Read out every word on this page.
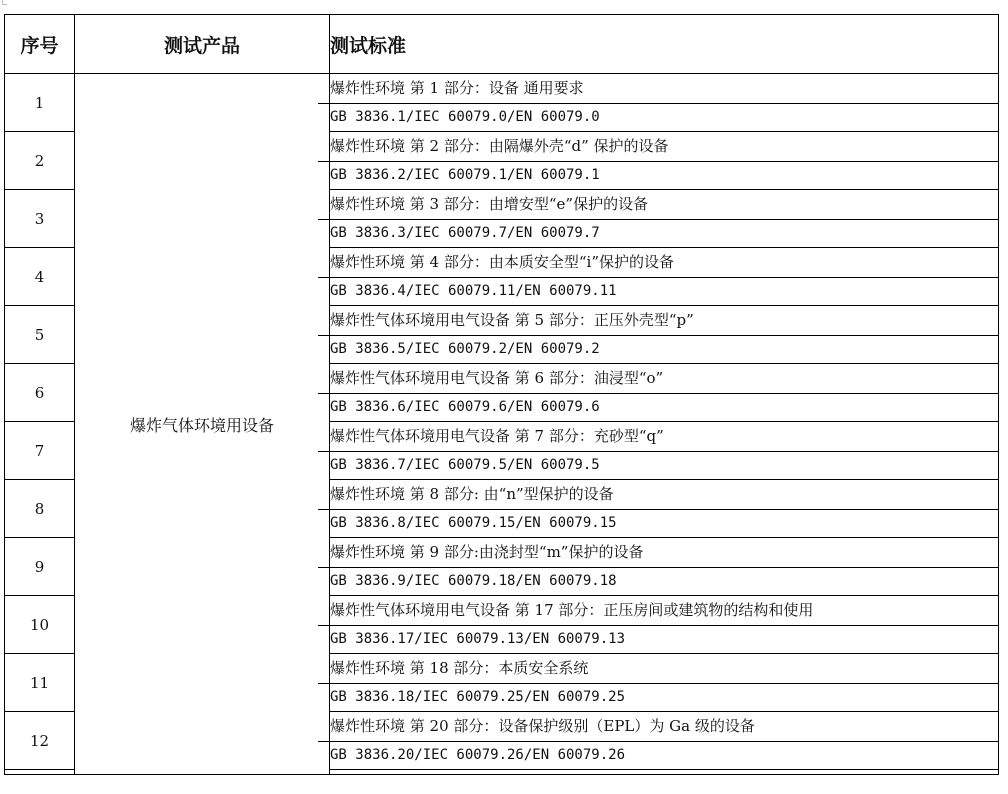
序号	测试产品	测试标准
1	爆炸气体环境用设备	爆炸性环境 第 1 部分：设备 通用要求
GB 3836.1/IEC 60079.0/EN 60079.0

2		爆炸性环境 第 2 部分：由隔爆外壳“d” 保护的设备
GB 3836.2/IEC 60079.1/EN 60079.1

3		爆炸性环境 第 3 部分：由增安型“e”保护的设备
GB 3836.3/IEC 60079.7/EN 60079.7

4		爆炸性环境 第 4 部分：由本质安全型“i”保护的设备
GB 3836.4/IEC 60079.11/EN 60079.11

5		爆炸性气体环境用电气设备 第 5 部分：正压外壳型“p”
GB 3836.5/IEC 60079.2/EN 60079.2

6		爆炸性气体环境用电气设备 第 6 部分：油浸型“o”
GB 3836.6/IEC 60079.6/EN 60079.6

7		爆炸性气体环境用电气设备 第 7 部分：充砂型“q”
GB 3836.7/IEC 60079.5/EN 60079.5

8		爆炸性环境 第 8 部分: 由“n”型保护的设备
GB 3836.8/IEC 60079.15/EN 60079.15

9		爆炸性环境 第 9 部分:由浇封型“m”保护的设备
GB 3836.9/IEC 60079.18/EN 60079.18

10		爆炸性气体环境用电气设备 第 17 部分：正压房间或建筑物的结构和使用
GB 3836.17/IEC 60079.13/EN 60079.13

11		爆炸性环境 第 18 部分：本质安全系统
GB 3836.18/IEC 60079.25/EN 60079.25

12		爆炸性环境 第 20 部分：设备保护级别（EPL）为 Ga 级的设备
GB 3836.20/IEC 60079.26/EN 60079.26
